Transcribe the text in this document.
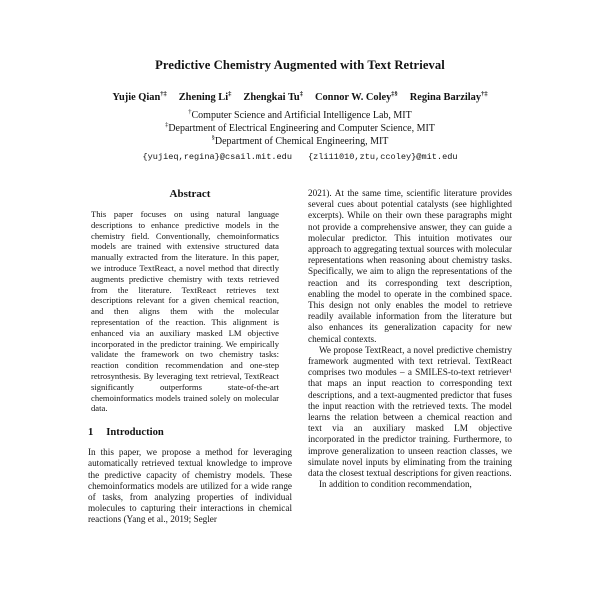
Predictive Chemistry Augmented with Text Retrieval
Yujie Qian†‡ Zhening Li‡ Zhengkai Tu‡ Connor W. Coley‡§ Regina Barzilay†‡
†Computer Science and Artificial Intelligence Lab, MIT
‡Department of Electrical Engineering and Computer Science, MIT
§Department of Chemical Engineering, MIT
{yujieq,regina}@csail.mit.edu {zli11010,ztu,ccoley}@mit.edu
Abstract

This paper focuses on using natural language descriptions to enhance predictive models in the chemistry field. Conventionally, chemoinformatics models are trained with extensive structured data manually extracted from the literature. In this paper, we introduce TextReact, a novel method that directly augments predictive chemistry with texts retrieved from the literature. TextReact retrieves text descriptions relevant for a given chemical reaction, and then aligns them with the molecular representation of the reaction. This alignment is enhanced via an auxiliary masked LM objective incorporated in the predictor training. We empirically validate the framework on two chemistry tasks: reaction condition recommendation and one-step retrosynthesis. By leveraging text retrieval, TextReact significantly outperforms state-of-the-art chemoinformatics models trained solely on molecular data.

1 Introduction

In this paper, we propose a method for leveraging automatically retrieved textual knowledge to improve the predictive capacity of chemistry models. These chemoinformatics models are utilized for a wide range of tasks, from analyzing properties of individual molecules to capturing their interactions in chemical reactions (Yang et al., 2019; Segler

2021). At the same time, scientific literature provides several cues about potential catalysts (see highlighted excerpts). While on their own these paragraphs might not provide a comprehensive answer, they can guide a molecular predictor. This intuition motivates our approach to aggregating textual sources with molecular representations when reasoning about chemistry tasks. Specifically, we aim to align the representations of the reaction and its corresponding text description, enabling the model to operate in the combined space. This design not only enables the model to retrieve readily available information from the literature but also enhances its generalization capacity for new chemical contexts.

We propose TextReact, a novel predictive chemistry framework augmented with text retrieval. TextReact comprises two modules – a SMILES-to-text retriever¹ that maps an input reaction to corresponding text descriptions, and a text-augmented predictor that fuses the input reaction with the retrieved texts. The model learns the relation between a chemical reaction and text via an auxiliary masked LM objective incorporated in the predictor training. Furthermore, to improve generalization to unseen reaction classes, we simulate novel inputs by eliminating from the training data the closest textual descriptions for given reactions.

In addition to condition recommendation,
